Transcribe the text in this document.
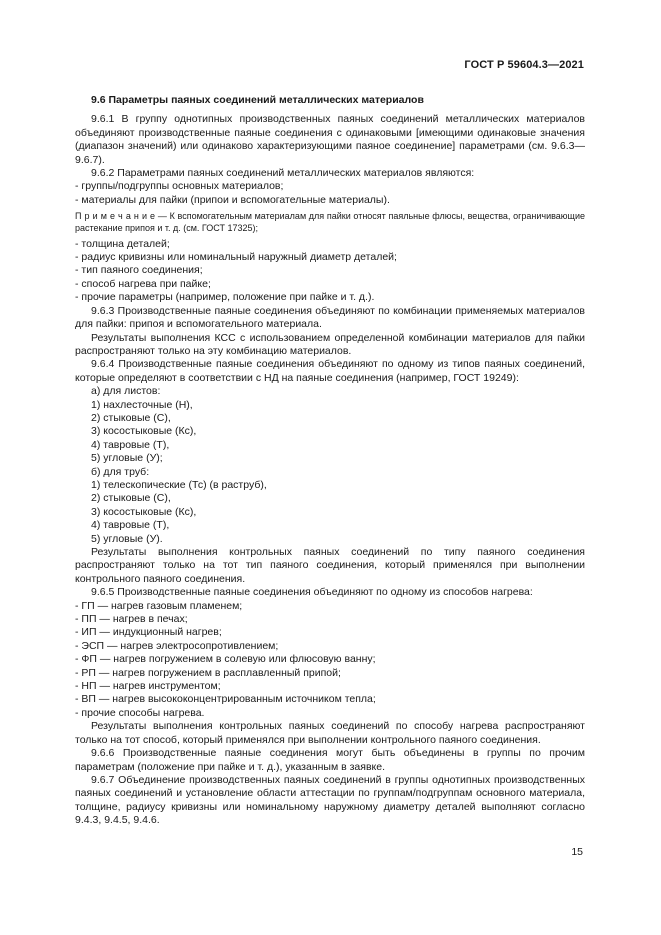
ГОСТ Р 59604.3—2021
9.6 Параметры паяных соединений металлических материалов

9.6.1 В группу однотипных производственных паяных соединений металлических материалов объединяют производственные паяные соединения с одинаковыми [имеющими одинаковые значения (диапазон значений) или одинаково характеризующими паяное соединение] параметрами (см. 9.6.3—9.6.7).

9.6.2 Параметрами паяных соединений металлических материалов являются:

- группы/подгруппы основных материалов;

- материалы для пайки (припои и вспомогательные материалы).

П р и м е ч а н и е — К вспомогательным материалам для пайки относят паяльные флюсы, вещества, ограничивающие растекание припоя и т. д. (см. ГОСТ 17325);

- толщина деталей;

- радиус кривизны или номинальный наружный диаметр деталей;

- тип паяного соединения;

- способ нагрева при пайке;

- прочие параметры (например, положение при пайке и т. д.).

9.6.3 Производственные паяные соединения объединяют по комбинации применяемых материалов для пайки: припоя и вспомогательного материала.

Результаты выполнения КСС с использованием определенной комбинации материалов для пайки распространяют только на эту комбинацию материалов.

9.6.4 Производственные паяные соединения объединяют по одному из типов паяных соединений, которые определяют в соответствии с НД на паяные соединения (например, ГОСТ 19249):

а) для листов:

1) нахлесточные (Н),

2) стыковые (С),

3) косостыковые (Кс),

4) тавровые (Т),

5) угловые (У);

б) для труб:

1) телескопические (Тс) (в раструб),

2) стыковые (С),

3) косостыковые (Кс),

4) тавровые (Т),

5) угловые (У).

Результаты выполнения контрольных паяных соединений по типу паяного соединения распространяют только на тот тип паяного соединения, который применялся при выполнении контрольного паяного соединения.

9.6.5 Производственные паяные соединения объединяют по одному из способов нагрева:

- ГП — нагрев газовым пламенем;

- ПП — нагрев в печах;

- ИП — индукционный нагрев;

- ЭСП — нагрев электросопротивлением;

- ФП — нагрев погружением в солевую или флюсовую ванну;

- РП — нагрев погружением в расплавленный припой;

- НП — нагрев инструментом;

- ВП — нагрев высококонцентрированным источником тепла;

- прочие способы нагрева.

Результаты выполнения контрольных паяных соединений по способу нагрева распространяют только на тот способ, который применялся при выполнении контрольного паяного соединения.

9.6.6 Производственные паяные соединения могут быть объединены в группы по прочим параметрам (положение при пайке и т. д.), указанным в заявке.

9.6.7 Объединение производственных паяных соединений в группы однотипных производственных паяных соединений и установление области аттестации по группам/подгруппам основного материала, толщине, радиусу кривизны или номинальному наружному диаметру деталей выполняют согласно 9.4.3, 9.4.5, 9.4.6.

15
